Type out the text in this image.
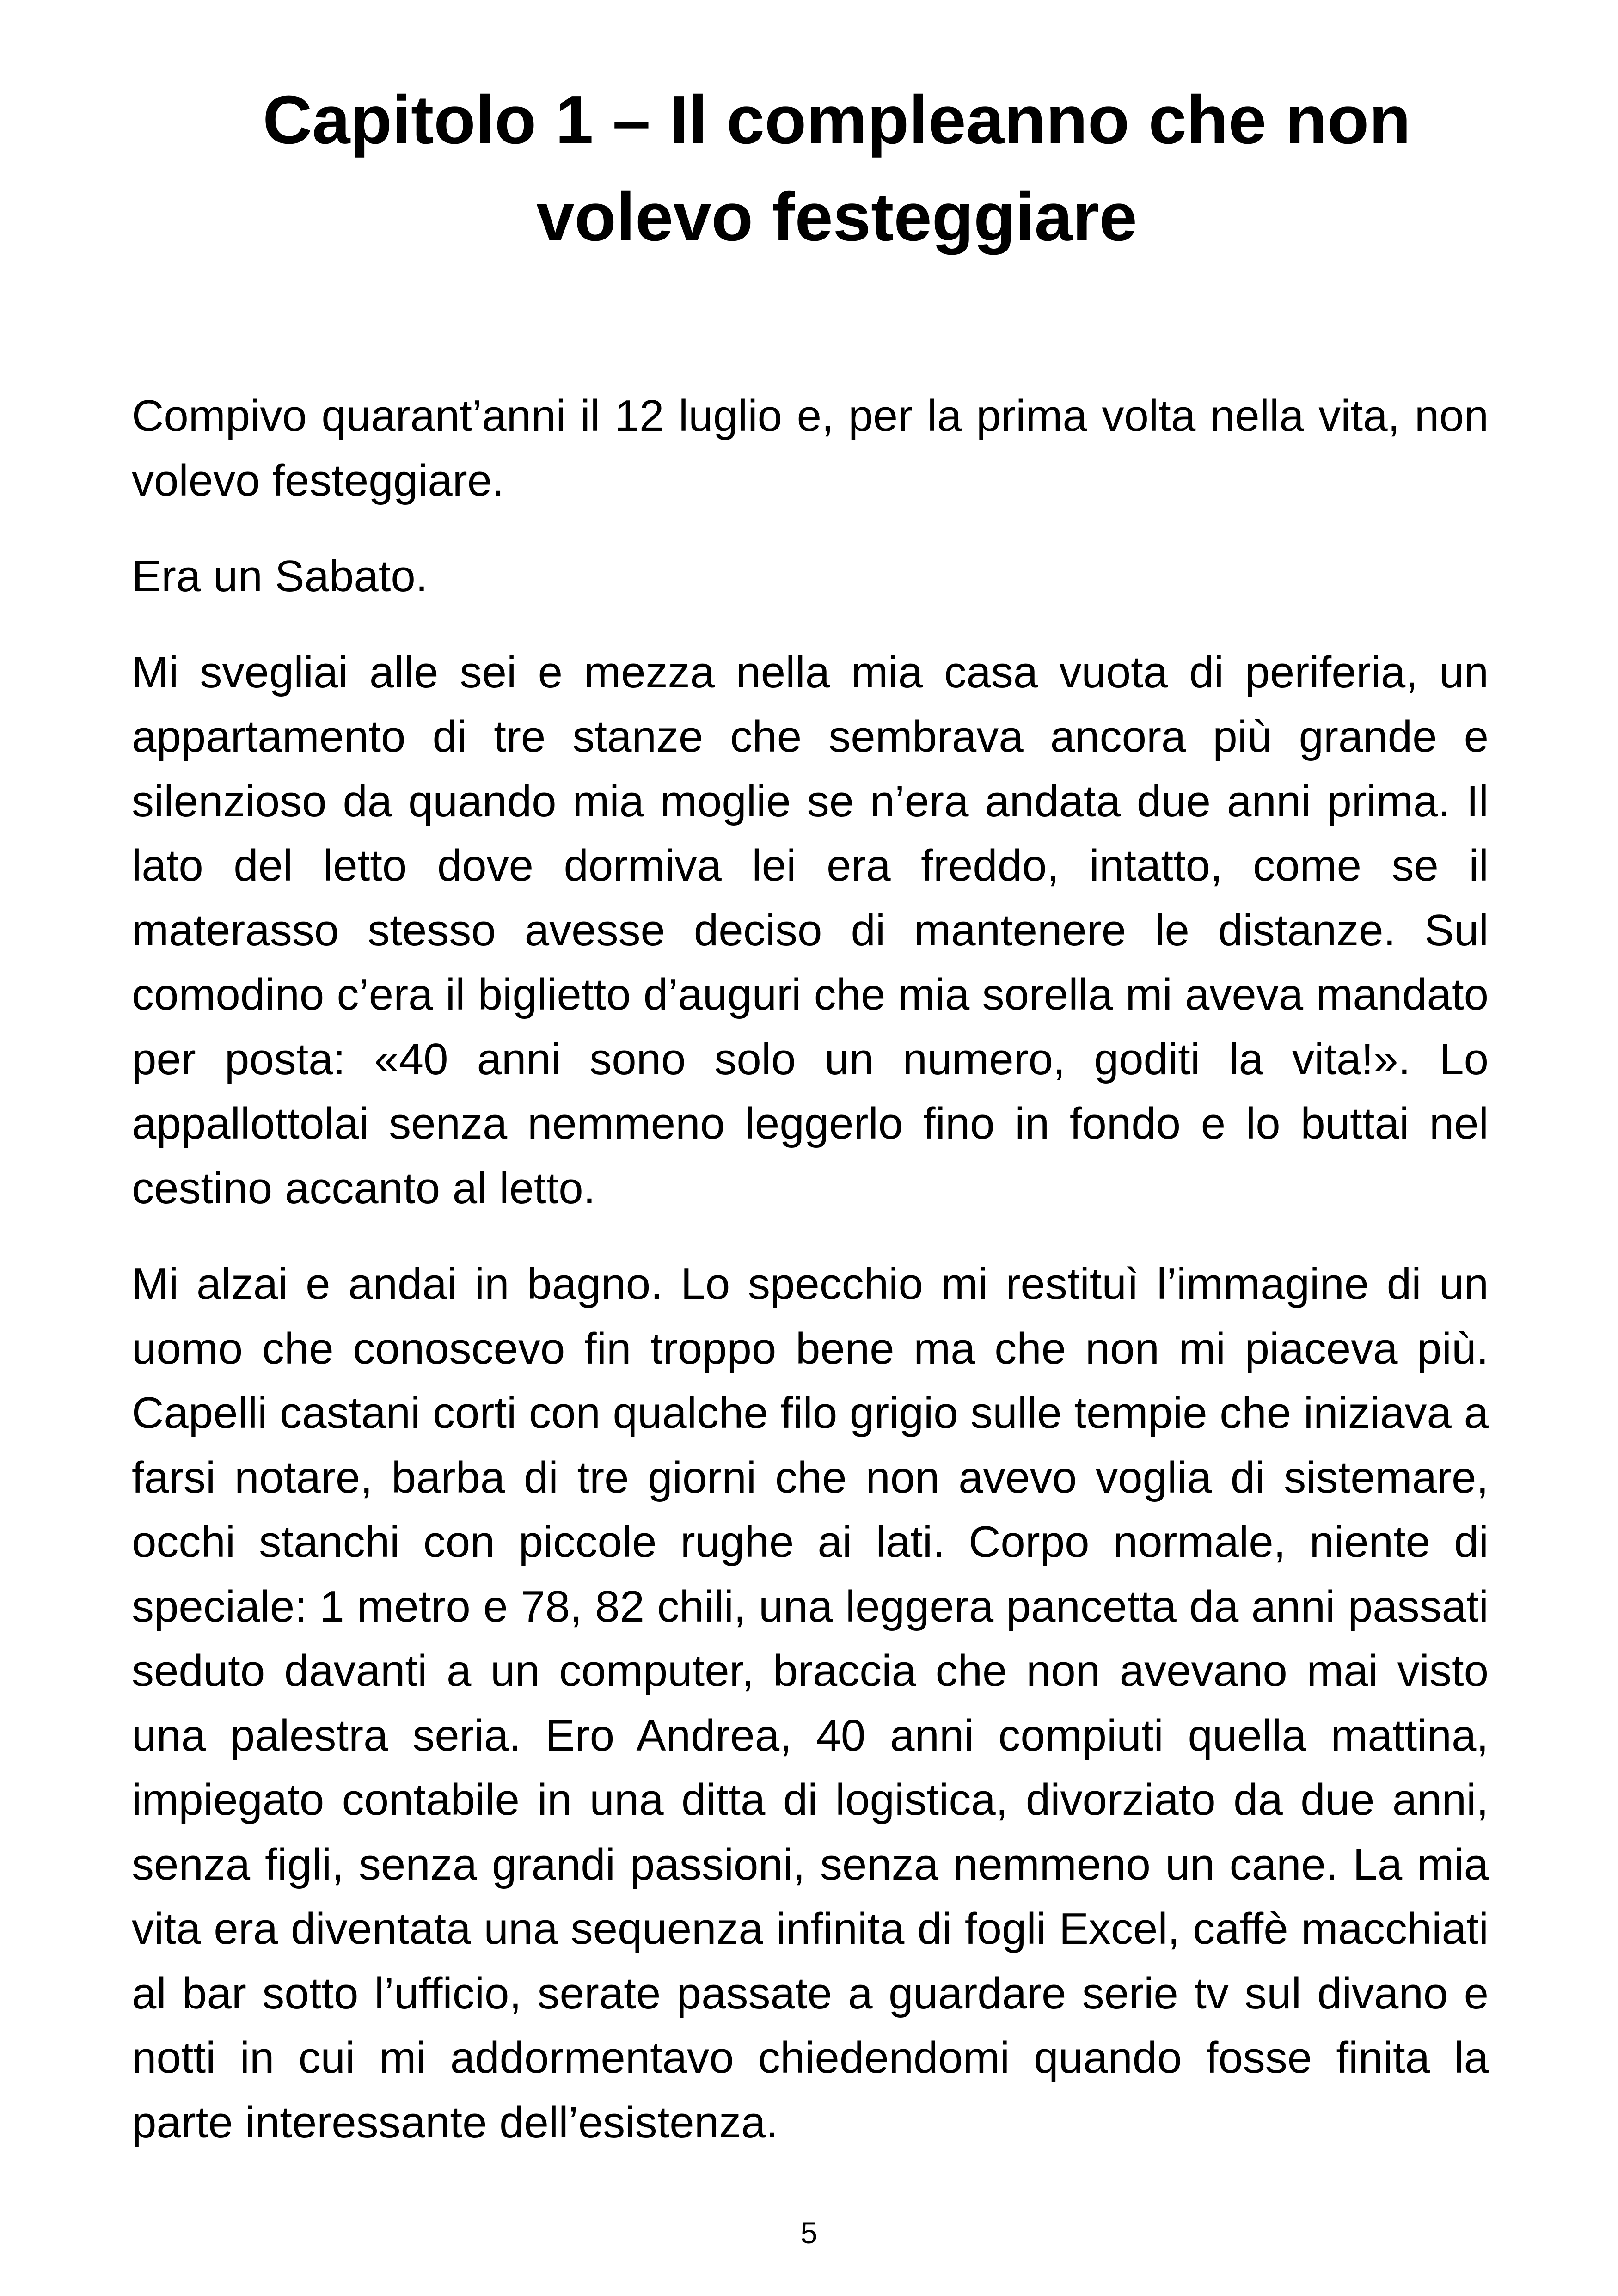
Capitolo 1 – Il compleanno che non volevo festeggiare

Compivo quarant’anni il 12 luglio e, per la prima volta nella vita, non volevo festeggiare.

Era un Sabato.

Mi svegliai alle sei e mezza nella mia casa vuota di periferia, un appartamento di tre stanze che sembrava ancora più grande e silenzioso da quando mia moglie se n’era andata due anni prima. Il lato del letto dove dormiva lei era freddo, intatto, come se il materasso stesso avesse deciso di mantenere le distanze. Sul comodino c’era il biglietto d’auguri che mia sorella mi aveva mandato per posta: «40 anni sono solo un numero, goditi la vita!». Lo appallottolai senza nemmeno leggerlo fino in fondo e lo buttai nel cestino accanto al letto.

Mi alzai e andai in bagno. Lo specchio mi restituì l’immagine di un uomo che conoscevo fin troppo bene ma che non mi piaceva più. Capelli castani corti con qualche filo grigio sulle tempie che iniziava a farsi notare, barba di tre giorni che non avevo voglia di sistemare, occhi stanchi con piccole rughe ai lati. Corpo normale, niente di speciale: 1 metro e 78, 82 chili, una leggera pancetta da anni passati seduto davanti a un computer, braccia che non avevano mai visto una palestra seria. Ero Andrea, 40 anni compiuti quella mattina, impiegato contabile in una ditta di logistica, divorziato da due anni, senza figli, senza grandi passioni, senza nemmeno un cane. La mia vita era diventata una sequenza infinita di fogli Excel, caffè macchiati al bar sotto l’ufficio, serate passate a guardare serie tv sul divano e notti in cui mi addormentavo chiedendomi quando fosse finita la parte interessante dell’esistenza.

5
